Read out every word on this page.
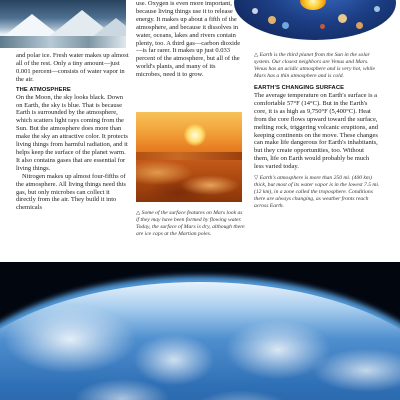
and polar ice. Fresh water makes up almost all of the rest. Only a tiny amount—just 0.001 percent—consists of water vapor in the air.

THE ATMOSPHERE

On the Moon, the sky looks black. Down on Earth, the sky is blue. That is because Earth is surrounded by the atmosphere, which scatters light rays coming from the Sun. But the atmosphere does more than make the sky an attractive color. It protects living things from harmful radiation, and it helps keep the surface of the planet warm. It also contains gases that are essential for living things.

Nitrogen makes up almost four-fifths of the atmosphere. All living things need this gas, but only microbes can collect it directly from the air. They build it into chemicals

use. Oxygen is even more important, because living things use it to release energy. It makes up about a fifth of the atmosphere, and because it dissolves in water, oceans, lakes and rivers contain plenty, too. A third gas—carbon dioxide—is far rarer. It makes up just 0.033 percent of the atmosphere, but all of the world's plants, and many of its microbes, need it to grow.

△ Some of the surface features on Mars look as if they may have been formed by flowing water. Today, the surface of Mars is dry, although there are ice caps at the Martian poles.
△ Earth is the third planet from the Sun in the solar system. Our closest neighbors are Venus and Mars. Venus has an acidic atmosphere and is very hot, while Mars has a thin atmosphere and is cold.
EARTH'S CHANGING SURFACE

The average temperature on Earth's surface is a comfortable 57°F (14°C). But in the Earth's core, it is as high as 9,750°F (5,400°C). Heat from the core flows upward toward the surface, melting rock, triggering volcanic eruptions, and keeping continents on the move. These changes can make life dangerous for Earth's inhabitants, but they create opportunities, too. Without them, life on Earth would probably be much less varied today.

▽ Earth's atmosphere is more than 250 mi. (400 km) thick, but most of its water vapor is in the lowest 7.5 mi. (12 km), in a zone called the troposphere. Conditions there are always changing, as weather fronts reach across Earth.
